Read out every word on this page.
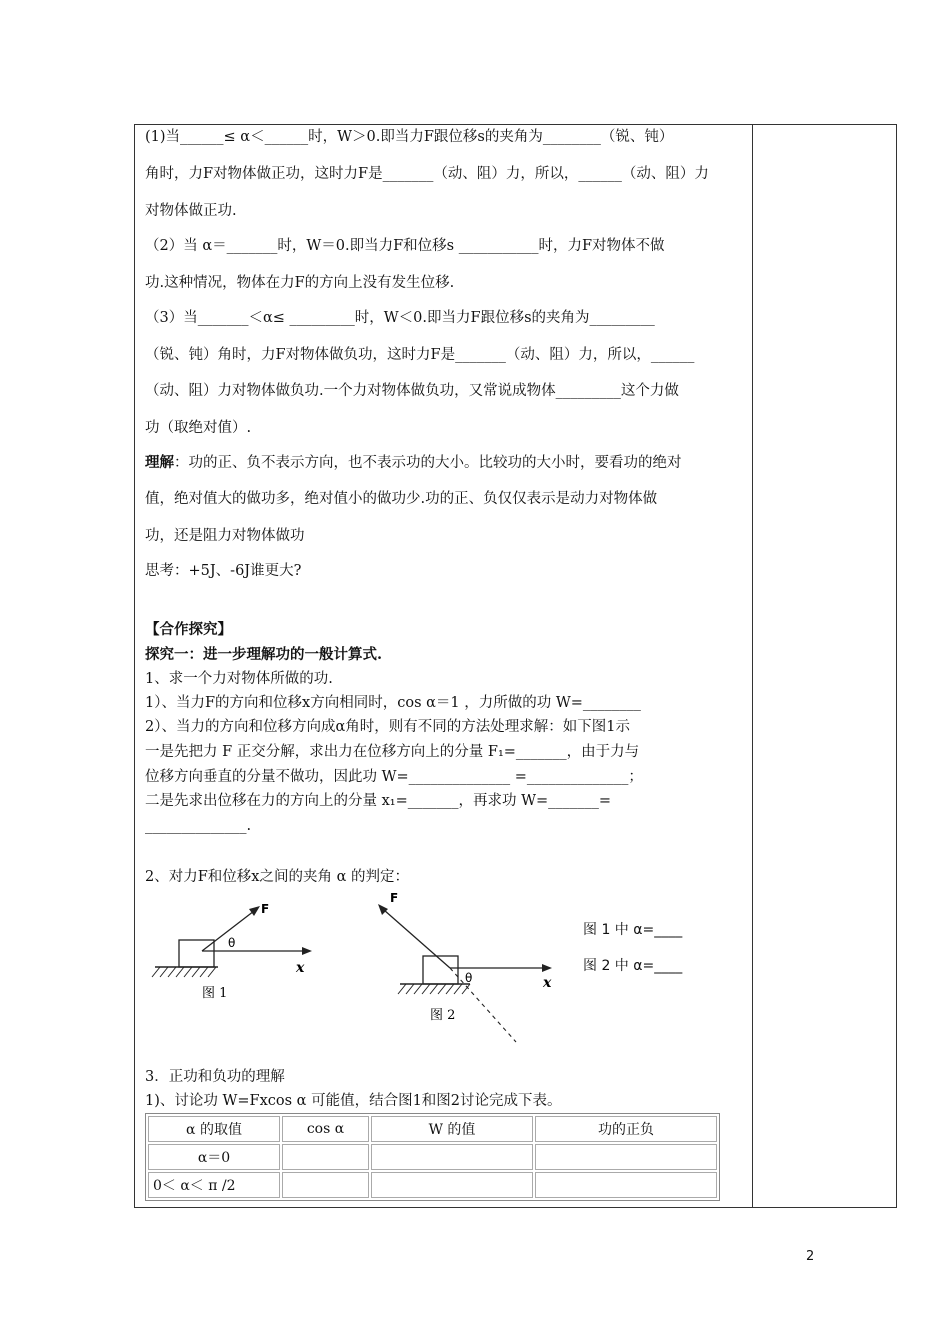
(1)当______≤ α＜______时，W＞0.即当力F跟位移s的夹角为________（锐、钝）
角时，力F对物体做正功，这时力F是_______（动、阻）力，所以，______（动、阻）力
对物体做正功.
（2）当 α＝_______时，W＝0.即当力F和位移s ___________时，力F对物体不做
功.这种情况，物体在力F的方向上没有发生位移.
（3）当_______＜α≤ _________时，W＜0.即当力F跟位移s的夹角为_________
（锐、钝）角时，力F对物体做负功，这时力F是_______（动、阻）力，所以，______
（动、阻）力对物体做负功.一个力对物体做负功，又常说成物体_________这个力做
功（取绝对值）.
理解：功的正、负不表示方向，也不表示功的大小。比较功的大小时，要看功的绝对
值，绝对值大的做功多，绝对值小的做功少.功的正、负仅仅表示是动力对物体做
功，还是阻力对物体做功
思考：+5J、-6J谁更大?
【合作探究】
探究一：进一步理解功的一般计算式.
1、求一个力对物体所做的功.
1）、当力F的方向和位移x方向相同时，cos α＝1 ，力所做的功 W=________
2）、当力的方向和位移方向成α角时，则有不同的方法处理求解：如下图1示
一是先把力 F 正交分解，求出力在位移方向上的分量 F₁=_______，由于力与
位移方向垂直的分量不做功，因此功 W=______________ =______________；
二是先求出位移在力的方向上的分量 x₁=_______，再求功 W=_______=
______________.
2、对力F和位移x之间的夹角 α 的判定：
3．正功和负功的理解
1)、讨论功 W=Fxcos α 可能值，结合图1和图2讨论完成下表。
F
θ
x
图 1
F
θ	x
图 2
图 1 中 α=____
图 2 中 α=____
α 的取值	cos α	W 的值	功的正负
α＝0			
0＜ α＜ π /2			
2
